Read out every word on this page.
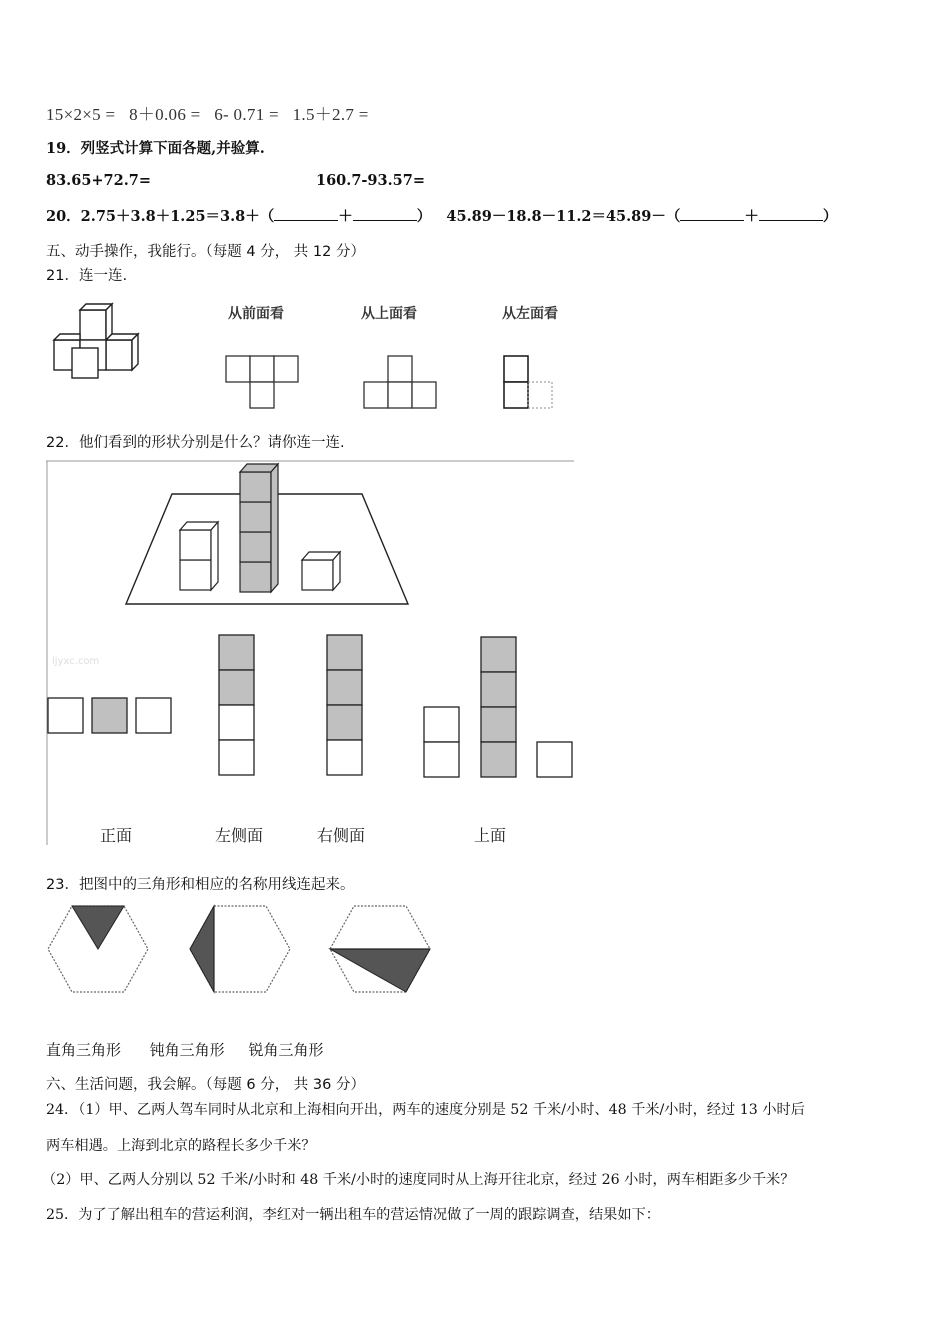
15×2×5 = 8＋0.06 = 6- 0.71 = 1.5＋2.7 =
19．列竖式计算下面各题,并验算.
83.65+72.7=	160.7-93.57=
20．2.75＋3.8＋1.25＝3.8＋（	＋	） 45.89－18.8－11.2＝45.89－（	＋	）
五、动手操作，我能行。（每题 4 分， 共 12 分）
21．连一连.
从前面看	从上面看	从左面看
22．他们看到的形状分别是什么？请你连一连.
ljyxc.com
正面	左侧面	右侧面	上面
23．把图中的三角形和相应的名称用线连起来。
直角三角形 钝角三角形 锐角三角形
六、生活问题，我会解。（每题 6 分， 共 36 分）
24．（1）甲、乙两人驾车同时从北京和上海相向开出，两车的速度分别是 52 千米/小时、48 千米/小时，经过 13 小时后
两车相遇。上海到北京的路程长多少千米？
（2）甲、乙两人分别以 52 千米/小时和 48 千米/小时的速度同时从上海开往北京，经过 26 小时，两车相距多少千米？
25．为了了解出租车的营运利润，李红对一辆出租车的营运情况做了一周的跟踪调查，结果如下：
